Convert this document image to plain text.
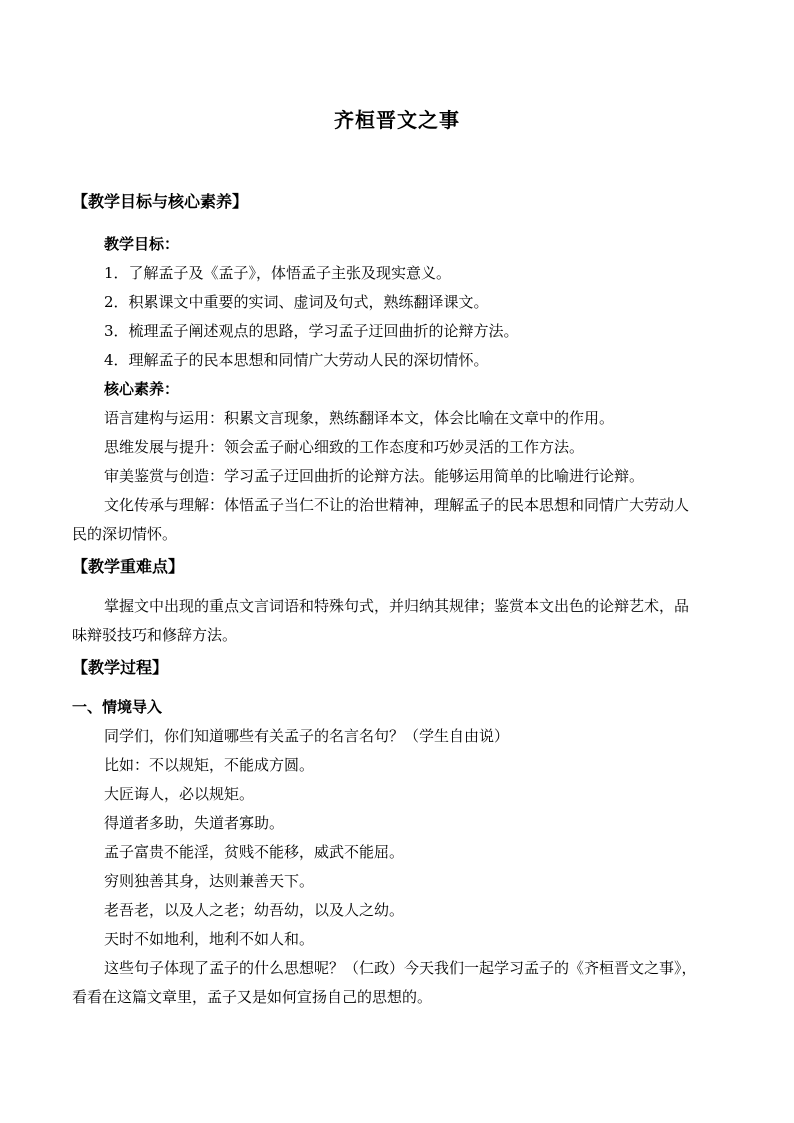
齐桓晋文之事
【教学目标与核心素养】
教学目标：
1．了解孟子及《孟子》，体悟孟子主张及现实意义。
2．积累课文中重要的实词、虚词及句式，熟练翻译课文。
3．梳理孟子阐述观点的思路，学习孟子迂回曲折的论辩方法。
4．理解孟子的民本思想和同情广大劳动人民的深切情怀。
核心素养：
语言建构与运用：积累文言现象，熟练翻译本文，体会比喻在文章中的作用。
思维发展与提升：领会孟子耐心细致的工作态度和巧妙灵活的工作方法。
审美鉴赏与创造：学习孟子迂回曲折的论辩方法。能够运用简单的比喻进行论辩。
文化传承与理解：体悟孟子当仁不让的治世精神，理解孟子的民本思想和同情广大劳动人
民的深切情怀。
【教学重难点】
掌握文中出现的重点文言词语和特殊句式，并归纳其规律；鉴赏本文出色的论辩艺术，品
味辩驳技巧和修辞方法。
【教学过程】
一、情境导入
同学们，你们知道哪些有关孟子的名言名句？（学生自由说）
比如：不以规矩，不能成方圆。
大匠诲人，必以规矩。
得道者多助，失道者寡助。
孟子富贵不能淫，贫贱不能移，威武不能屈。
穷则独善其身，达则兼善天下。
老吾老，以及人之老；幼吾幼，以及人之幼。
天时不如地利，地利不如人和。
这些句子体现了孟子的什么思想呢？（仁政）今天我们一起学习孟子的《齐桓晋文之事》，
看看在这篇文章里，孟子又是如何宣扬自己的思想的。
